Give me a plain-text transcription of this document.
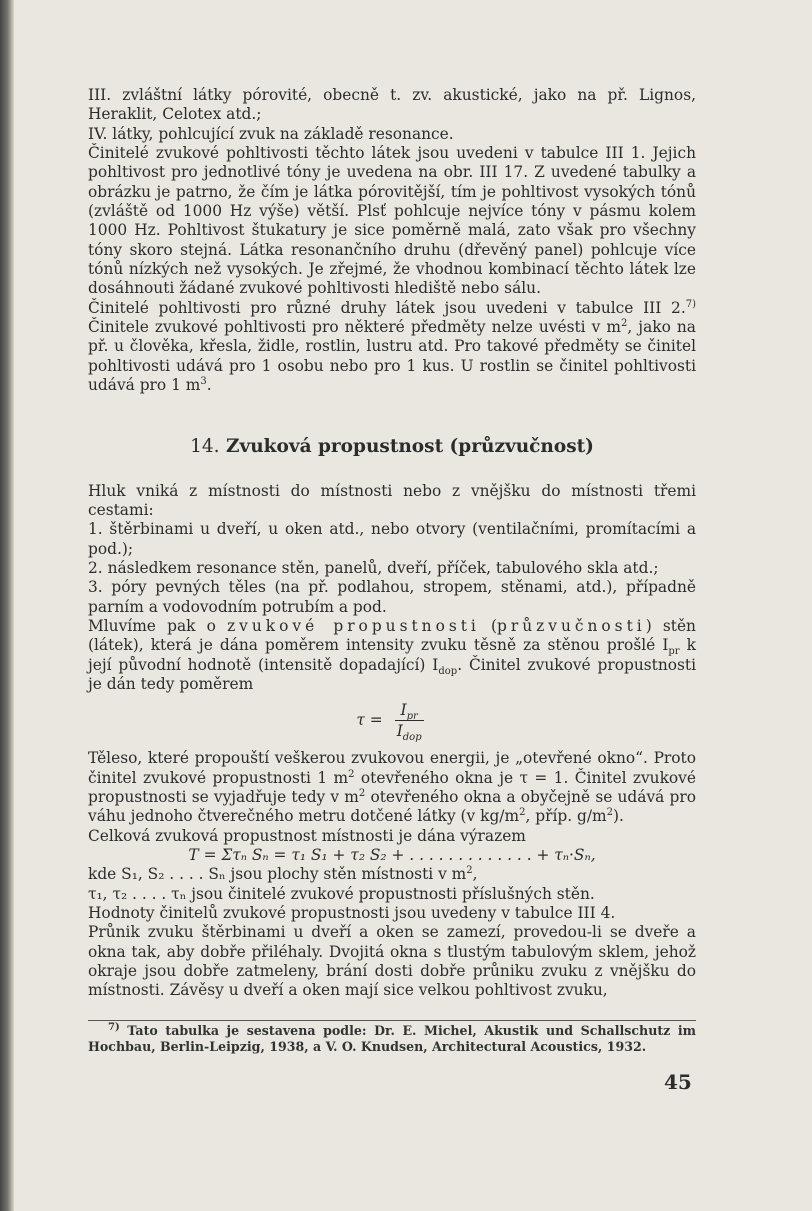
III. zvláštní látky pórovité, obecně t. zv. akustické, jako na př. Lignos, Heraklit, Celotex atd.;

IV. látky, pohlcující zvuk na základě resonance.

Činitelé zvukové pohltivosti těchto látek jsou uvedeni v tabulce III 1. Jejich pohltivost pro jednotlivé tóny je uvedena na obr. III 17. Z uvedené tabulky a obrázku je patrno, že čím je látka pórovitější, tím je pohltivost vysokých tónů (zvláště od 1000 Hz výše) větší. Plsť pohlcuje nejvíce tóny v pásmu kolem 1000 Hz. Pohltivost štukatury je sice poměrně malá, zato však pro všechny tóny skoro stejná. Látka resonančního druhu (dřevěný panel) pohlcuje více tónů nízkých než vysokých. Je zřejmé, že vhodnou kombinací těchto látek lze dosáhnouti žádané zvukové pohltivosti hlediště nebo sálu.

Činitelé pohltivosti pro různé druhy látek jsou uvedeni v tabulce III 2.$^{7)}$ Činitele zvukové pohltivosti pro některé předměty nelze uvésti v $m^2$, jako na př. u člověka, křesla, židle, rostlin, lustru atd. Pro takové předměty se činitel pohltivosti udává pro 1 osobu nebo pro 1 kus. U rostlin se činitel pohltivosti udává pro 1 $m^3$.

14. Zvuková propustnost (průzvučnost)

Hluk vniká z místnosti do místnosti nebo z vnějšku do místnosti třemi cestami:

1. štěrbinami u dveří, u oken atd., nebo otvory (ventilačními, promítacími a pod.);

2. následkem resonance stěn, panelů, dveří, příček, tabulového skla atd.;

3. póry pevných těles (na př. podlahou, stropem, stěnami, atd.), případně parním a vodovodním potrubím a pod.

Mluvíme pak o zvukové propustnosti (průzvučnosti) stěn (látek), která je dána poměrem intensity zvuku těsně za stěnou prošlé $I_{pr}$ k její původní hodnotě (intensitě dopadající) $I_{dop}$. Činitel zvukové propustnosti je dán tedy poměrem

$\tau = \frac{I_{pr}}{I_{dop}}$

Těleso, které propouští veškerou zvukovou energii, je „otevřené okno“. Proto činitel zvukové propustnosti 1 $m^2$ otevřeného okna je τ = 1. Činitel zvukové propustnosti se vyjadřuje tedy v $m^2$ otevřeného okna a obyčejně se udává pro váhu jednoho čtverečného metru dotčené látky (v $kg/m^2$, příp. $g/m^2$).

Celková zvuková propustnost místnosti je dána výrazem

T = Στₙ Sₙ = τ₁ S₁ + τ₂ S₂ + . . . . . . . . . . . . . + τₙ·Sₙ,

kde S₁, S₂ . . . . Sₙ jsou plochy stěn místnosti v $m^2$,

τ₁, τ₂ . . . . τₙ jsou činitelé zvukové propustnosti příslušných stěn.

Hodnoty činitelů zvukové propustnosti jsou uvedeny v tabulce III 4.

Průnik zvuku štěrbinami u dveří a oken se zamezí, provedou-li se dveře a okna tak, aby dobře přiléhaly. Dvojitá okna s tlustým tabulovým sklem, jehož okraje jsou dobře zatmeleny, brání dosti dobře průniku zvuku z vnějšku do místnosti. Závěsy u dveří a oken mají sice velkou pohltivost zvuku,

$^{7)}$ Tato tabulka je sestavena podle: Dr. E. Michel, Akustik und Schallschutz im Hochbau, Berlin-Leipzig, 1938, a V. O. Knudsen, Architectural Acoustics, 1932.

45
